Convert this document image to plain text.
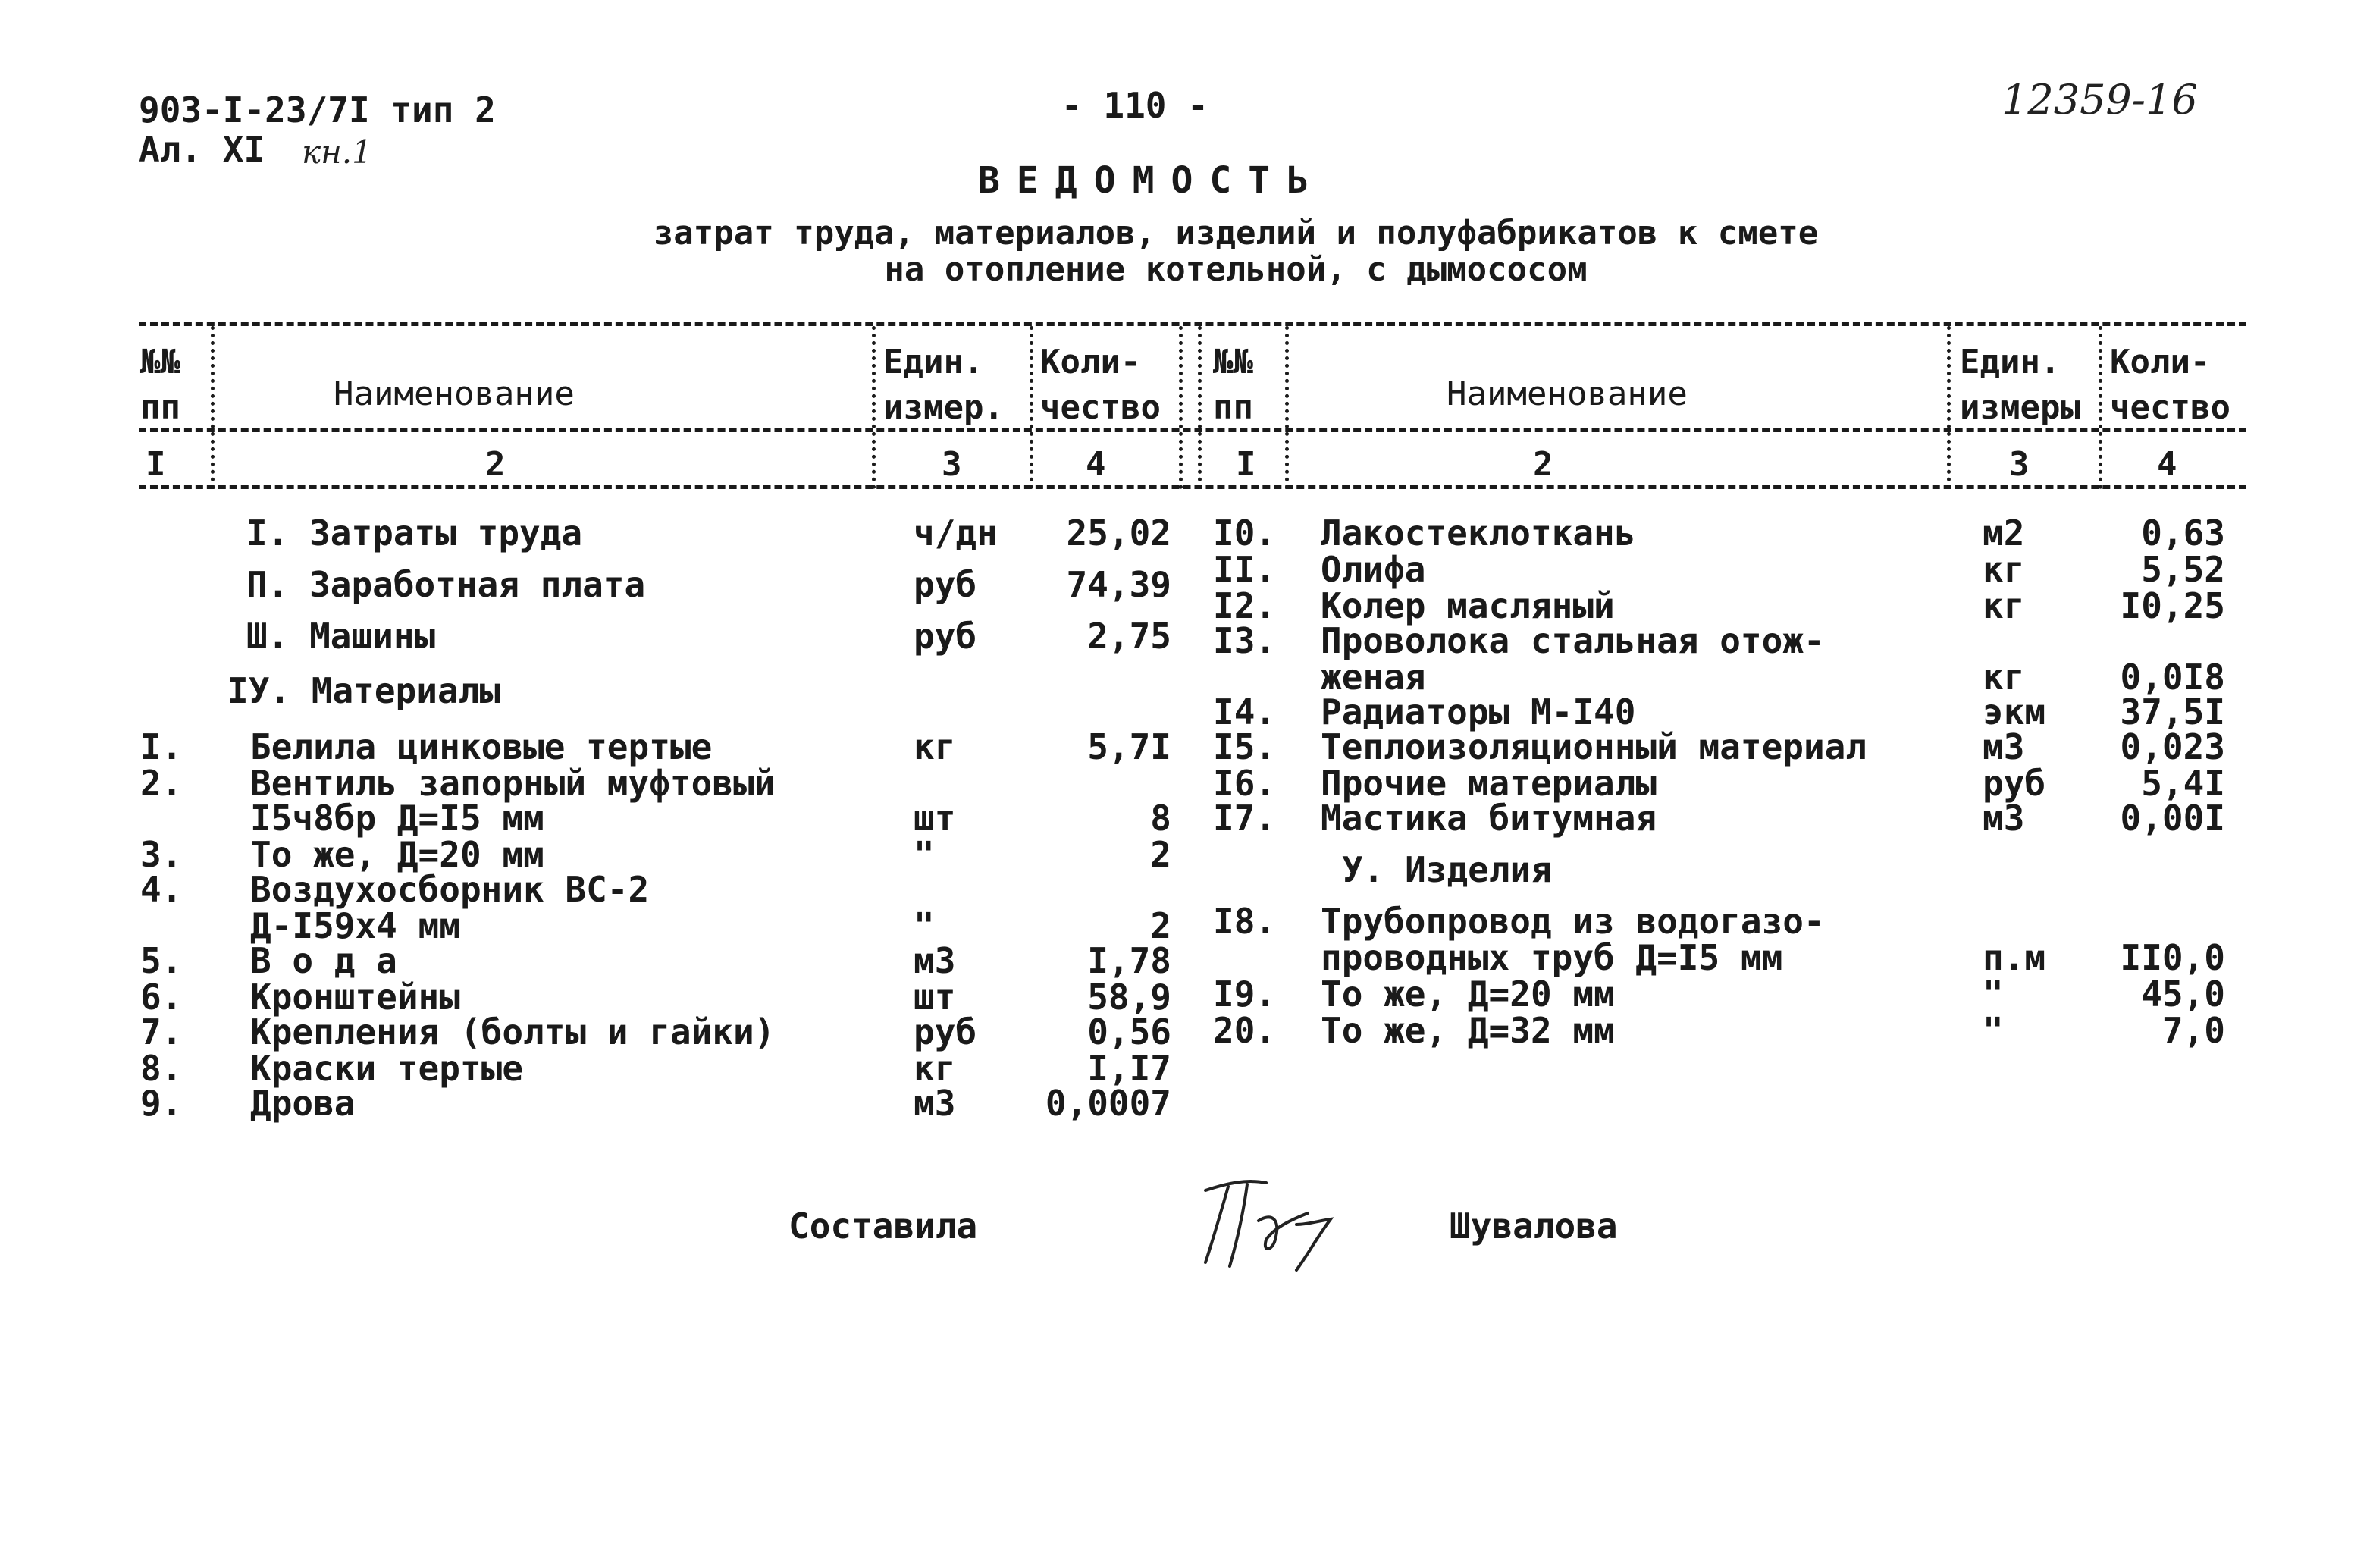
903-I-23/7I тип 2
Ал. XI кн.1
- 110 -	12359-16
ВЕДОМОСТЬ
затрат труда, материалов, изделий и полуфабрикатов к смете
на отопление котельной, с дымососом
№№
пп	Наименование
Един.
измер.
Коли-
чество
№№
пп	Наименование
Един.
измеры
Коли-
чество
I	2	3	4	I	2	3	4
I. Затраты труда	ч/дн	25,02
П. Заработная плата	руб	74,39
Ш. Машины	руб	2,75
IУ. Материалы
I. Белила цинковые тертые	кг	5,7I
2. Вентиль запорный муфтовый
I5ч8бр Д=I5 мм	шт	8
3. То же, Д=20 мм	"	2
4. Воздухосборник ВС-2
Д-I59х4 мм	"	2
5. В о д а	м3	I,78
6. Кронштейны	шт	58,9
7. Крепления (болты и гайки)	руб	0,56
8. Краски тертые	кг	I,I7
9. Дрова	м3	0,0007
I0. Лакостеклоткань	м2	0,63
II. Олифа	кг	5,52
I2. Колер масляный	кг	I0,25
I3. Проволока стальная отож-
женая	кг	0,0I8
I4. Радиаторы М-I40	экм	37,5I
I5. Теплоизоляционный материал	м3	0,023
I6. Прочие материалы	руб	5,4I
I7. Мастика битумная	м3	0,00I
У. Изделия
I8. Трубопровод из водогазо-
проводных труб Д=I5 мм	п.м	II0,0
I9. То же, Д=20 мм	"	45,0
20. То же, Д=32 мм	"	7,0
Составила	Шувалова
